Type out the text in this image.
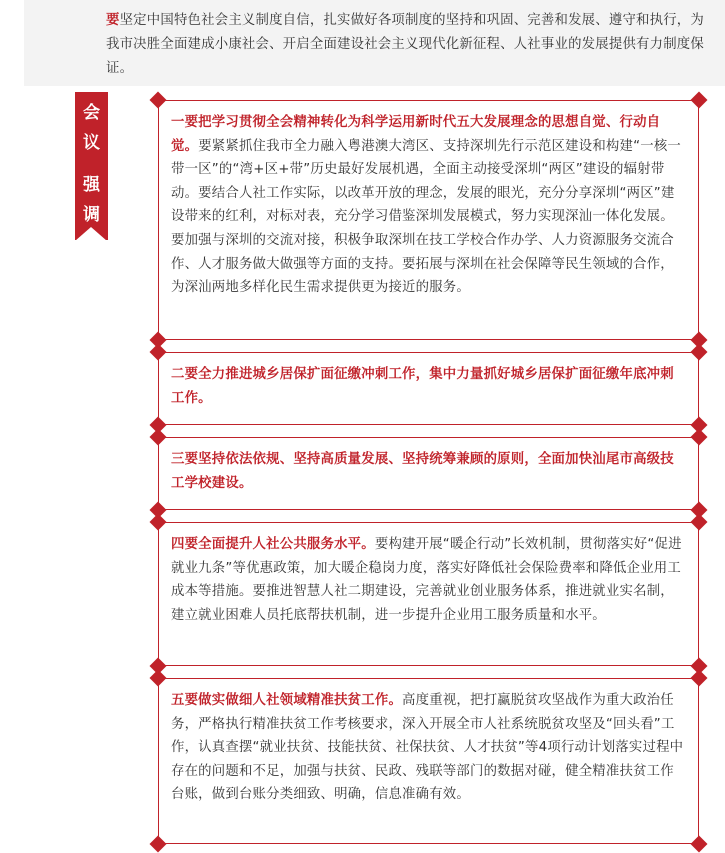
要坚定中国特色社会主义制度自信，扎实做好各项制度的坚持和巩固、完善和发展、遵守和执行，为我市决胜全面建成小康社会、开启全面建设社会主义现代化新征程、人社事业的发展提供有力制度保证。
会
议
强
调

一要把学习贯彻全会精神转化为科学运用新时代五大发展理念的思想自觉、行动自觉。要紧紧抓住我市全力融入粤港澳大湾区、支持深圳先行示范区建设和构建“一核一带一区”的“湾+区+带”历史最好发展机遇，全面主动接受深圳“两区”建设的辐射带动。要结合人社工作实际，以改革开放的理念，发展的眼光，充分分享深圳“两区”建设带来的红利，对标对表，充分学习借鉴深圳发展模式，努力实现深汕一体化发展。要加强与深圳的交流对接，积极争取深圳在技工学校合作办学、人力资源服务交流合作、人才服务做大做强等方面的支持。要拓展与深圳在社会保障等民生领域的合作，为深汕两地多样化民生需求提供更为接近的服务。

二要全力推进城乡居保扩面征缴冲刺工作，集中力量抓好城乡居保扩面征缴年底冲刺工作。

三要坚持依法依规、坚持高质量发展、坚持统筹兼顾的原则，全面加快汕尾市高级技工学校建设。

四要全面提升人社公共服务水平。要构建开展“暖企行动”长效机制，贯彻落实好“促进就业九条”等优惠政策，加大暖企稳岗力度，落实好降低社会保险费率和降低企业用工成本等措施。要推进智慧人社二期建设，完善就业创业服务体系，推进就业实名制，建立就业困难人员托底帮扶机制，进一步提升企业用工服务质量和水平。

五要做实做细人社领域精准扶贫工作。高度重视，把打赢脱贫攻坚战作为重大政治任务，严格执行精准扶贫工作考核要求，深入开展全市人社系统脱贫攻坚及“回头看”工作，认真查摆“就业扶贫、技能扶贫、社保扶贫、人才扶贫”等4项行动计划落实过程中存在的问题和不足，加强与扶贫、民政、残联等部门的数据对碰，健全精准扶贫工作台账，做到台账分类细致、明确，信息准确有效。
